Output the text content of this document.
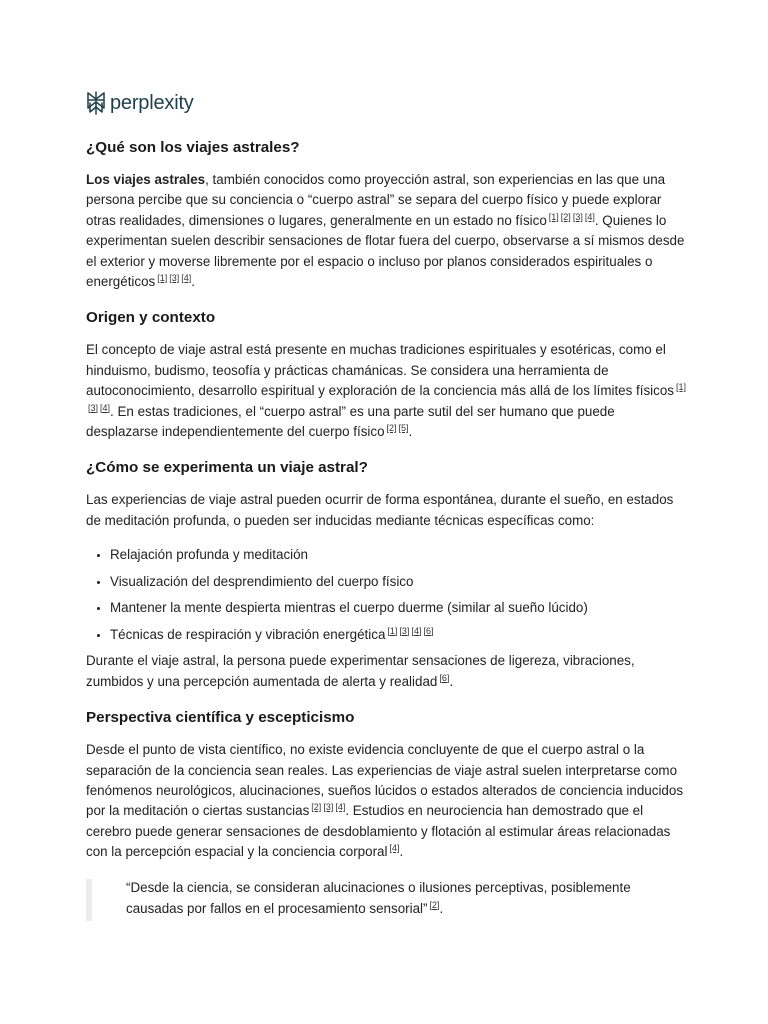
perplexity
¿Qué son los viajes astrales?

Los viajes astrales, también conocidos como proyección astral, son experiencias en las que una persona percibe que su conciencia o “cuerpo astral” se separa del cuerpo físico y puede explorar otras realidades, dimensiones o lugares, generalmente en un estado no físico [1] [2] [3] [4]. Quienes lo experimentan suelen describir sensaciones de flotar fuera del cuerpo, observarse a sí mismos desde el exterior y moverse libremente por el espacio o incluso por planos considerados espirituales o energéticos [1] [3] [4].

Origen y contexto

El concepto de viaje astral está presente en muchas tradiciones espirituales y esotéricas, como el hinduismo, budismo, teosofía y prácticas chamánicas. Se considera una herramienta de autoconocimiento, desarrollo espiritual y exploración de la conciencia más allá de los límites físicos [1][3] [4]. En estas tradiciones, el “cuerpo astral” es una parte sutil del ser humano que puede desplazarse independientemente del cuerpo físico [2] [5].

¿Cómo se experimenta un viaje astral?

Las experiencias de viaje astral pueden ocurrir de forma espontánea, durante el sueño, en estados de meditación profunda, o pueden ser inducidas mediante técnicas específicas como:

• Relajación profunda y meditación
• Visualización del desprendimiento del cuerpo físico
• Mantener la mente despierta mientras el cuerpo duerme (similar al sueño lúcido)
• Técnicas de respiración y vibración energética [1] [3] [4] [6]

Durante el viaje astral, la persona puede experimentar sensaciones de ligereza, vibraciones, zumbidos y una percepción aumentada de alerta y realidad [6].

Perspectiva científica y escepticismo

Desde el punto de vista científico, no existe evidencia concluyente de que el cuerpo astral o la separación de la conciencia sean reales. Las experiencias de viaje astral suelen interpretarse como fenómenos neurológicos, alucinaciones, sueños lúcidos o estados alterados de conciencia inducidos por la meditación o ciertas sustancias [2] [3] [4]. Estudios en neurociencia han demostrado que el cerebro puede generar sensaciones de desdoblamiento y flotación al estimular áreas relacionadas con la percepción espacial y la conciencia corporal [4].

“Desde la ciencia, se consideran alucinaciones o ilusiones perceptivas, posiblemente causadas por fallos en el procesamiento sensorial” [2].
